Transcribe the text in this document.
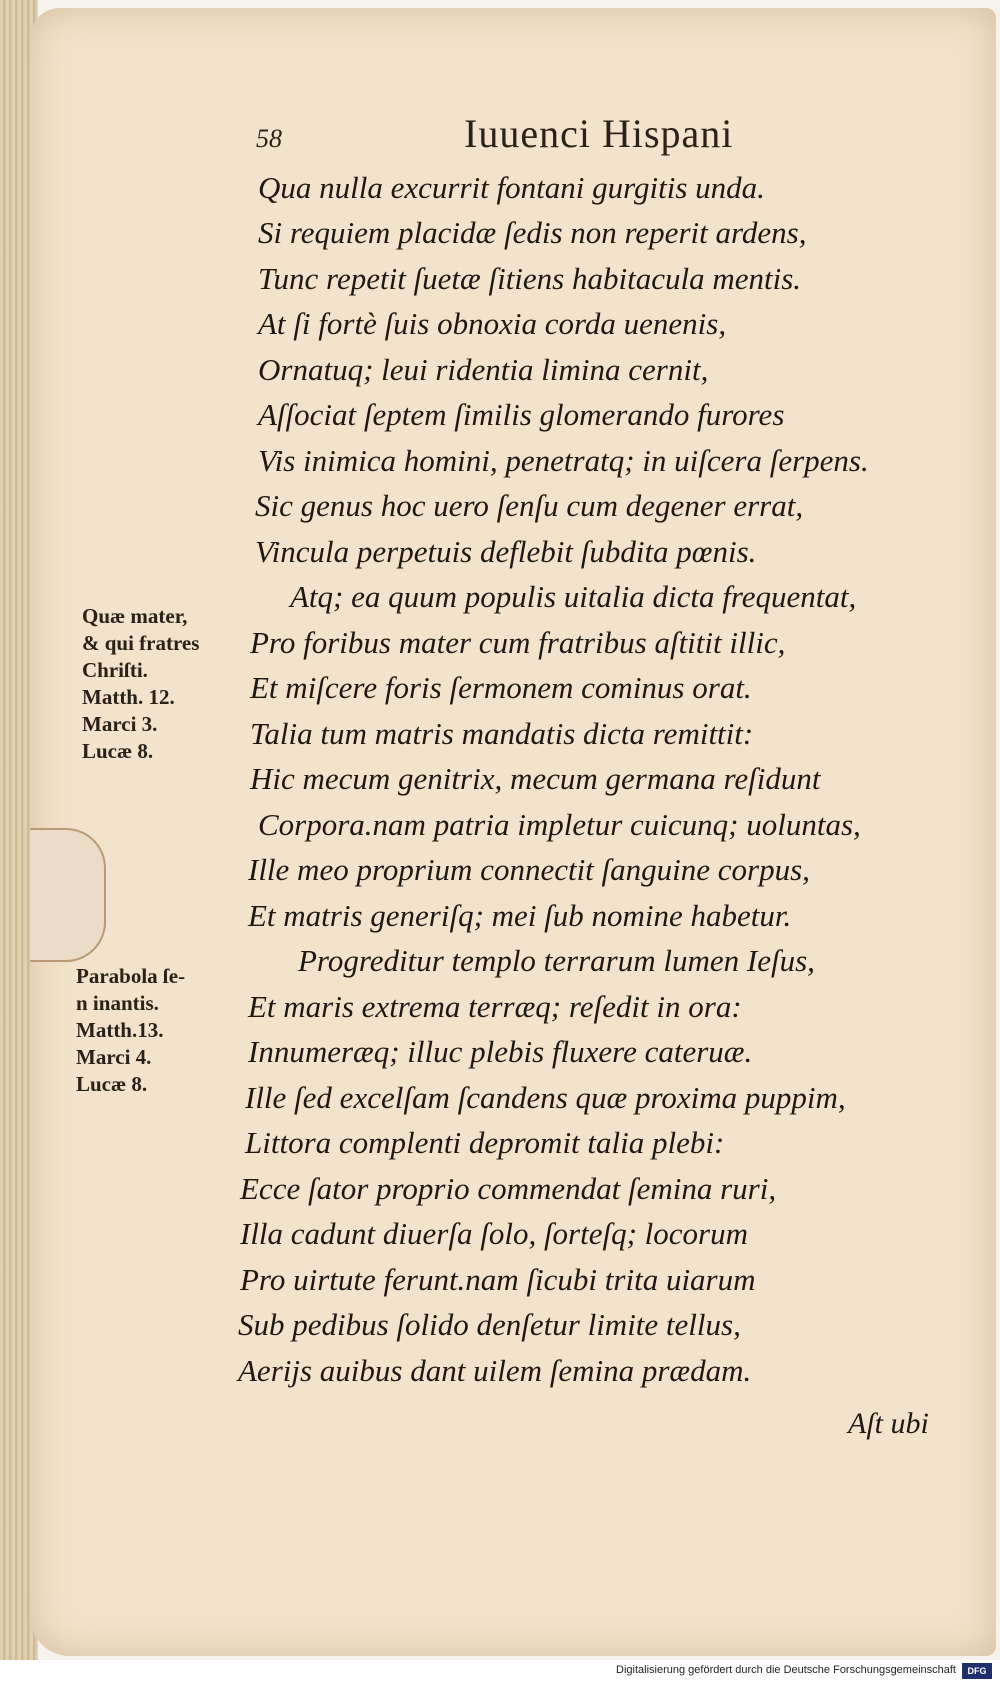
58	Iuuenci Hispani

Qua nulla excurrit fontani gurgitis unda.

Si requiem placidæ ſedis non reperit ardens,

Tunc repetit ſuetæ ſitiens habitacula mentis.

At ſi fortè ſuis obnoxia corda uenenis,

Ornatuq; leui ridentia limina cernit,

Aſſociat ſeptem ſimilis glomerando furores

Vis inimica homini, penetratq; in uiſcera ſerpens.

Sic genus hoc uero ſenſu cum degener errat,

Vincula perpetuis deflebit ſubdita pœnis.

Atq; ea quum populis uitalia dicta frequentat,

Pro foribus mater cum fratribus aſtitit illic,

Et miſcere foris ſermonem cominus orat.

Talia tum matris mandatis dicta remittit:

Hic mecum genitrix, mecum germana reſidunt

Corpora.nam patria impletur cuicunq; uoluntas,

Ille meo proprium connectit ſanguine corpus,

Et matris generiſq; mei ſub nomine habetur.

Progreditur templo terrarum lumen Ieſus,

Et maris extrema terræq; reſedit in ora:

Innumeræq; illuc plebis fluxere cateruæ.

Ille ſed excelſam ſcandens quæ proxima puppim,

Littora complenti depromit talia plebi:

Ecce ſator proprio commendat ſemina ruri,

Illa cadunt diuerſa ſolo, ſorteſq; locorum

Pro uirtute ferunt.nam ſicubi trita uiarum

Sub pedibus ſolido denſetur limite tellus,

Aerijs auibus dant uilem ſemina prædam.

Quæ mater,

& qui fratres

Chriſti.

Matth. 12.

Marci 3.

Lucæ 8.

Parabola ſe-

n inantis.

Matth.13.

Marci 4.

Lucæ 8.

Aſt ubi
Digitalisierung gefördert durch die Deutsche Forschungsgemeinschaft	DFG
